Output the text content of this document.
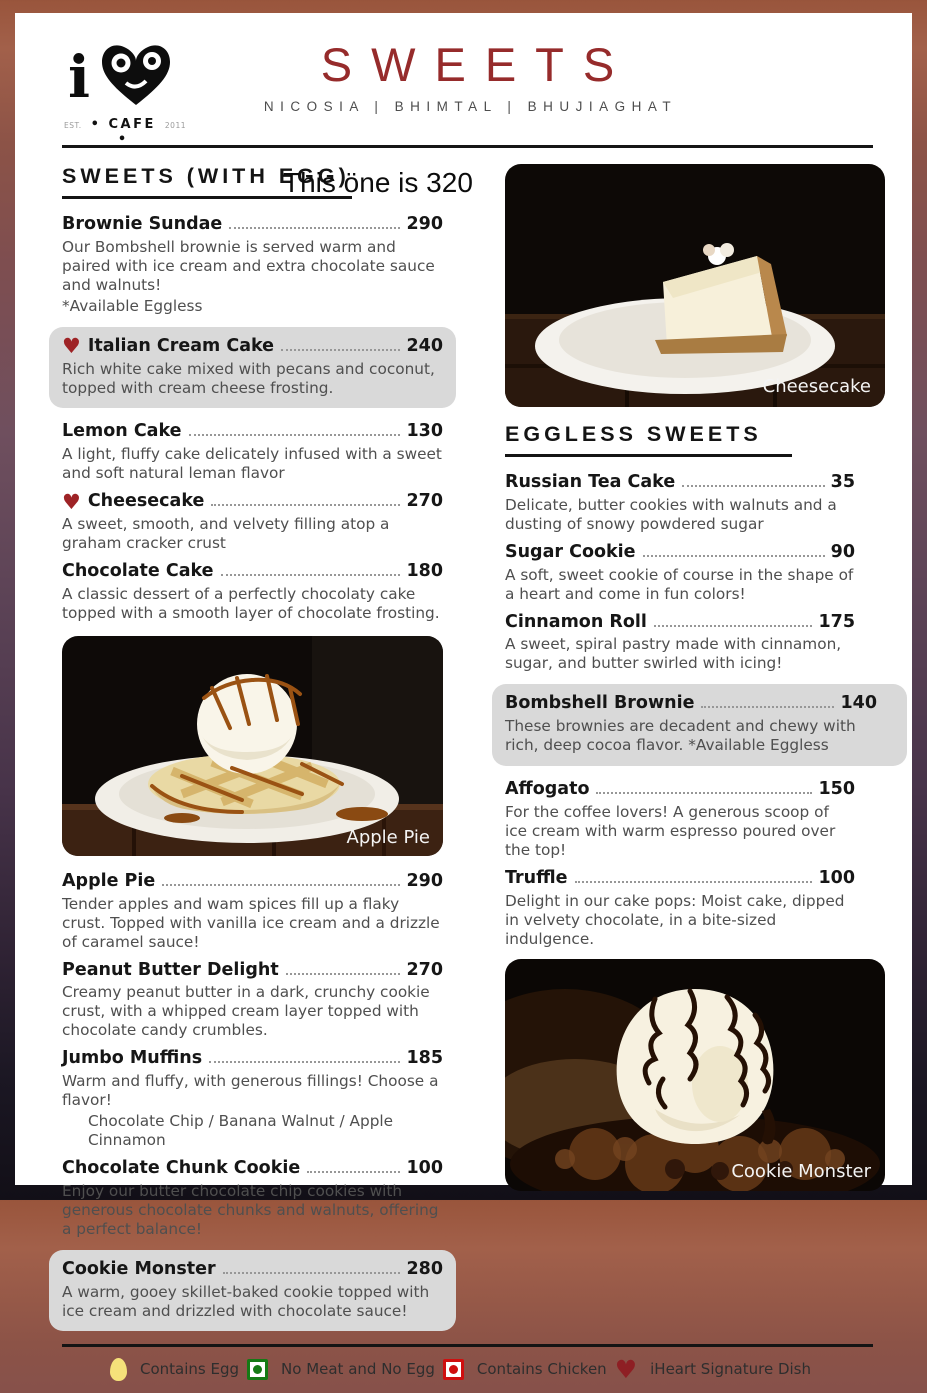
i
EST. • CAFE •
2011
SWEETS
NICOSIA | BHIMTAL | BHUJIAGHAT
SWEETS (WITH EGG)
This öne is 320
Brownie Sundae	290
Our Bombshell brownie is served warm and paired with ice cream and extra chocolate sauce and walnuts!
*Available Eggless
♥ Italian Cream Cake	240
Rich white cake mixed with pecans and coconut, topped with cream cheese frosting.
Lemon Cake	130
A light, fluffy cake delicately infused with a sweet and soft natural leman flavor
♥ Cheesecake	270
A sweet, smooth, and velvety filling atop a graham cracker crust
Chocolate Cake	180
A classic dessert of a perfectly chocolaty cake topped with a smooth layer of chocolate frosting.
Apple Pie
Apple Pie	290
Tender apples and wam spices fill up a flaky crust. Topped with vanilla ice cream and a drizzle of caramel sauce!
Peanut Butter Delight	270
Creamy peanut butter in a dark, crunchy cookie crust, with a whipped cream layer topped with chocolate candy crumbles.
Jumbo Muffins	185
Warm and fluffy, with generous fillings! Choose a flavor!
Chocolate Chip / Banana Walnut / Apple Cinnamon
Chocolate Chunk Cookie	100
Enjoy our butter chocolate chip cookies with generous chocolate chunks and walnuts, offering a perfect balance!
Cookie Monster	280
A warm, gooey skillet-baked cookie topped with ice cream and drizzled with chocolate sauce!
Cheesecake
EGGLESS SWEETS
Russian Tea Cake	35
Delicate, butter cookies with walnuts and a dusting of snowy powdered sugar
Sugar Cookie	90
A soft, sweet cookie of course in the shape of a heart and come in fun colors!
Cinnamon Roll	175
A sweet, spiral pastry made with cinnamon, sugar, and butter swirled with icing!
Bombshell Brownie	140
These brownies are decadent and chewy with rich, deep cocoa flavor. *Available Eggless
Affogato	150
For the coffee lovers! A generous scoop of ice cream with warm espresso poured over the top!
Truffle	100
Delight in our cake pops: Moist cake, dipped in velvety chocolate, in a bite-sized indulgence.
Cookie Monster
Contains Egg	No Meat and No Egg	Contains Chicken ♥ iHeart Signature Dish
